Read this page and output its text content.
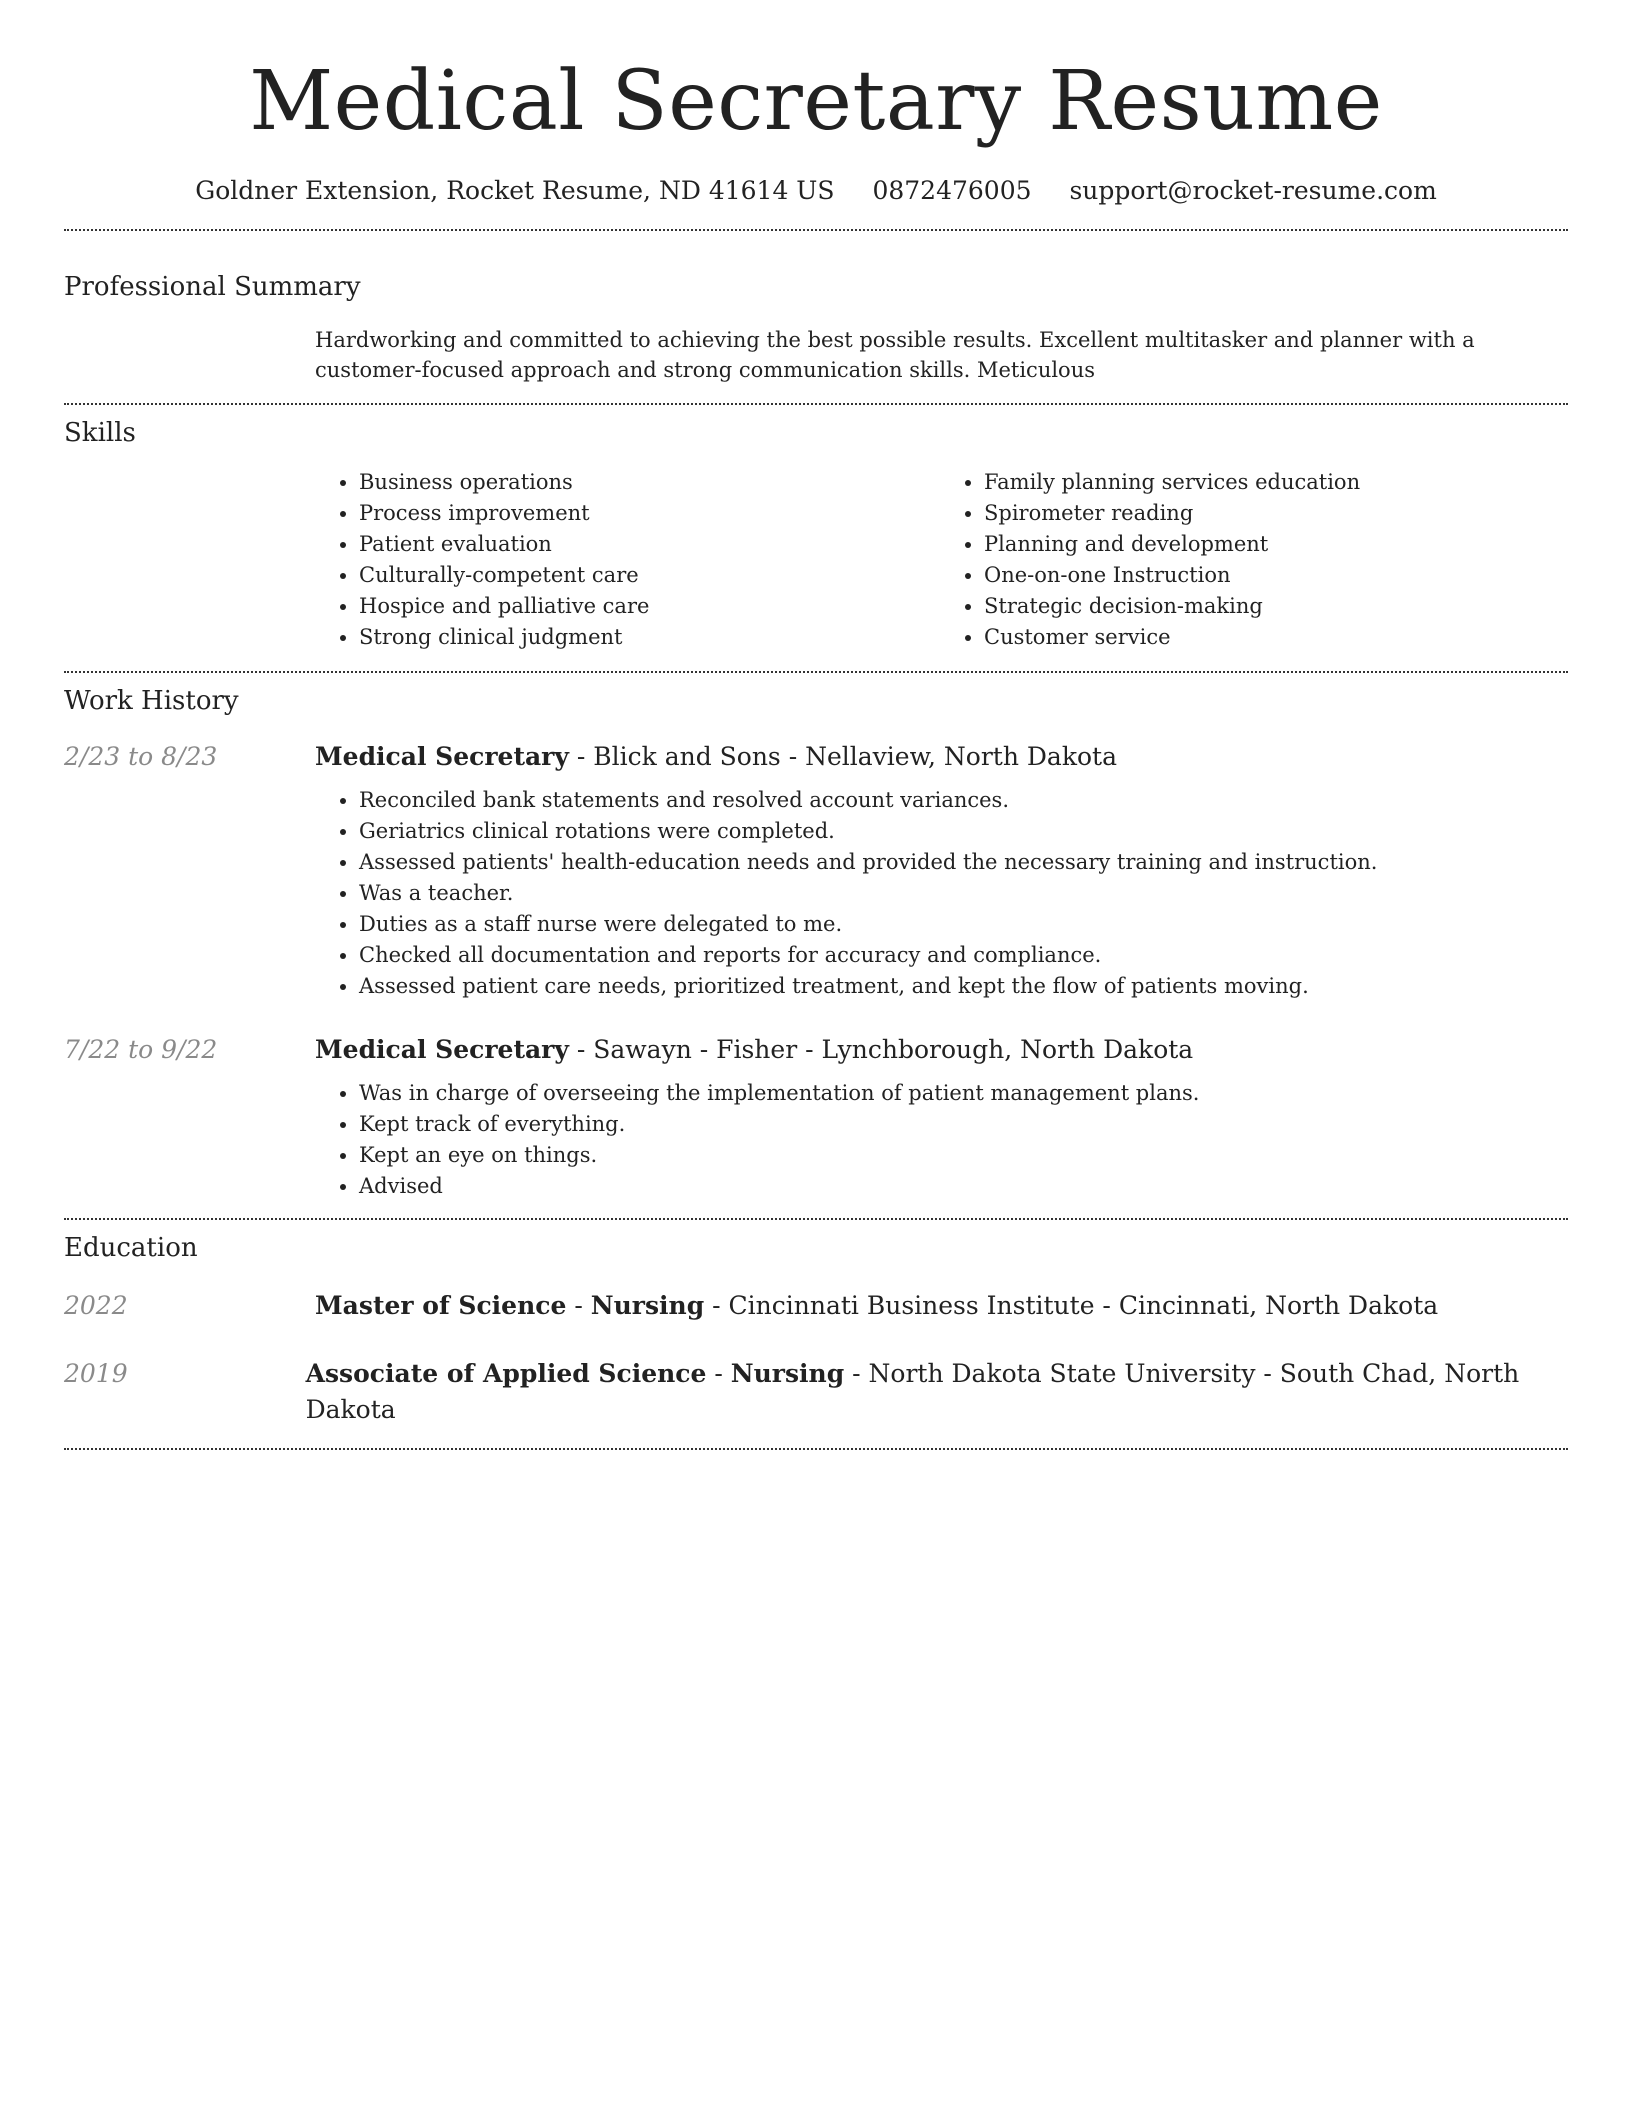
Medical Secretary Resume
Goldner Extension, Rocket Resume, ND 41614 US 0872476005 support@rocket-resume.com
Professional Summary
Hardworking and committed to achieving the best possible results. Excellent multitasker and planner with a customer-focused approach and strong communication skills. Meticulous
Skills
• Business operations
• Process improvement
• Patient evaluation
• Culturally-competent care
• Hospice and palliative care
• Strong clinical judgment
• Family planning services education
• Spirometer reading
• Planning and development
• One-on-one Instruction
• Strategic decision-making
• Customer service
Work History
2/23 to 8/23	Medical Secretary - Blick and Sons - Nellaview, North Dakota
• Reconciled bank statements and resolved account variances.
• Geriatrics clinical rotations were completed.
• Assessed patients' health-education needs and provided the necessary training and instruction.
• Was a teacher.
• Duties as a staff nurse were delegated to me.
• Checked all documentation and reports for accuracy and compliance.
• Assessed patient care needs, prioritized treatment, and kept the flow of patients moving.
7/22 to 9/22	Medical Secretary - Sawayn - Fisher - Lynchborough, North Dakota
• Was in charge of overseeing the implementation of patient management plans.
• Kept track of everything.
• Kept an eye on things.
• Advised
Education
2022	Master of Science - Nursing - Cincinnati Business Institute - Cincinnati, North Dakota
2019	Associate of Applied Science - Nursing - North Dakota State University - South Chad, North Dakota
